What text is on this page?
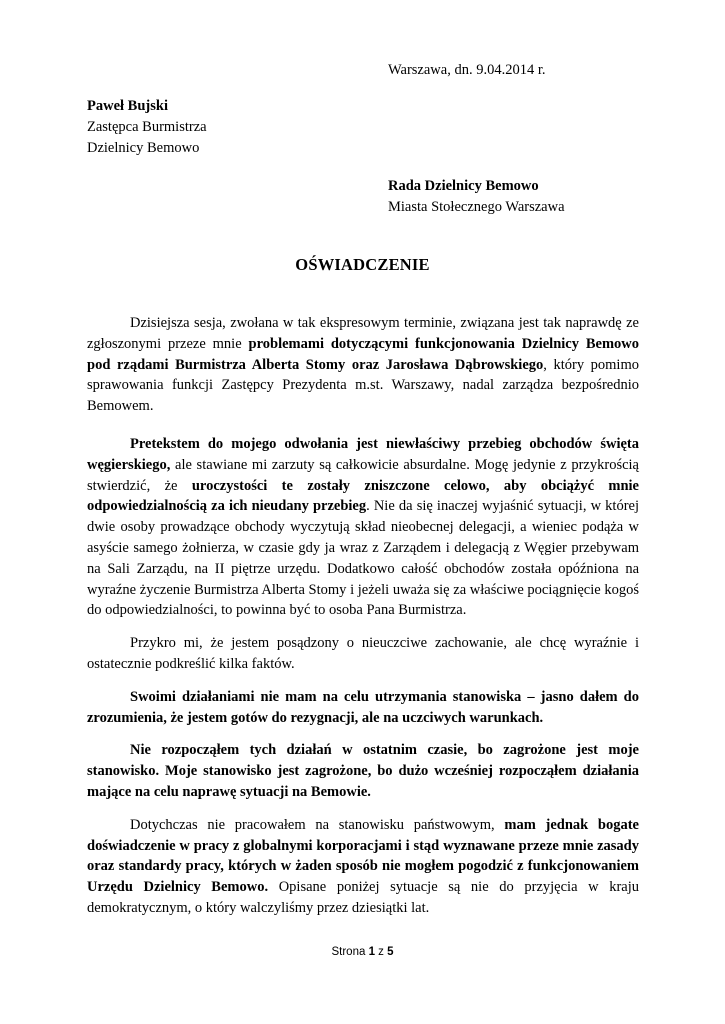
Warszawa, dn. 9.04.2014 r.
Paweł Bujski
Zastępca Burmistrza
Dzielnicy Bemowo
Rada Dzielnicy Bemowo
Miasta Stołecznego Warszawa
OŚWIADCZENIE

Dzisiejsza sesja, zwołana w tak ekspresowym terminie, związana jest tak naprawdę ze zgłoszonymi przeze mnie problemami dotyczącymi funkcjonowania Dzielnicy Bemowo pod rządami Burmistrza Alberta Stomy oraz Jarosława Dąbrowskiego, który pomimo sprawowania funkcji Zastępcy Prezydenta m.st. Warszawy, nadal zarządza bezpośrednio Bemowem.

Pretekstem do mojego odwołania jest niewłaściwy przebieg obchodów święta węgierskiego, ale stawiane mi zarzuty są całkowicie absurdalne. Mogę jedynie z przykrością stwierdzić, że uroczystości te zostały zniszczone celowo, aby obciążyć mnie odpowiedzialnością za ich nieudany przebieg. Nie da się inaczej wyjaśnić sytuacji, w której dwie osoby prowadzące obchody wyczytują skład nieobecnej delegacji, a wieniec podąża w asyście samego żołnierza, w czasie gdy ja wraz z Zarządem i delegacją z Węgier przebywam na Sali Zarządu, na II piętrze urzędu. Dodatkowo całość obchodów została opóźniona na wyraźne życzenie Burmistrza Alberta Stomy i jeżeli uważa się za właściwe pociągnięcie kogoś do odpowiedzialności, to powinna być to osoba Pana Burmistrza.

Przykro mi, że jestem posądzony o nieuczciwe zachowanie, ale chcę wyraźnie i ostatecznie podkreślić kilka faktów.

Swoimi działaniami nie mam na celu utrzymania stanowiska – jasno dałem do zrozumienia, że jestem gotów do rezygnacji, ale na uczciwych warunkach.

Nie rozpocząłem tych działań w ostatnim czasie, bo zagrożone jest moje stanowisko. Moje stanowisko jest zagrożone, bo dużo wcześniej rozpocząłem działania mające na celu naprawę sytuacji na Bemowie.

Dotychczas nie pracowałem na stanowisku państwowym, mam jednak bogate doświadczenie w pracy z globalnymi korporacjami i stąd wyznawane przeze mnie zasady oraz standardy pracy, których w żaden sposób nie mogłem pogodzić z funkcjonowaniem Urzędu Dzielnicy Bemowo. Opisane poniżej sytuacje są nie do przyjęcia w kraju demokratycznym, o który walczyliśmy przez dziesiątki lat.

Strona 1 z 5
